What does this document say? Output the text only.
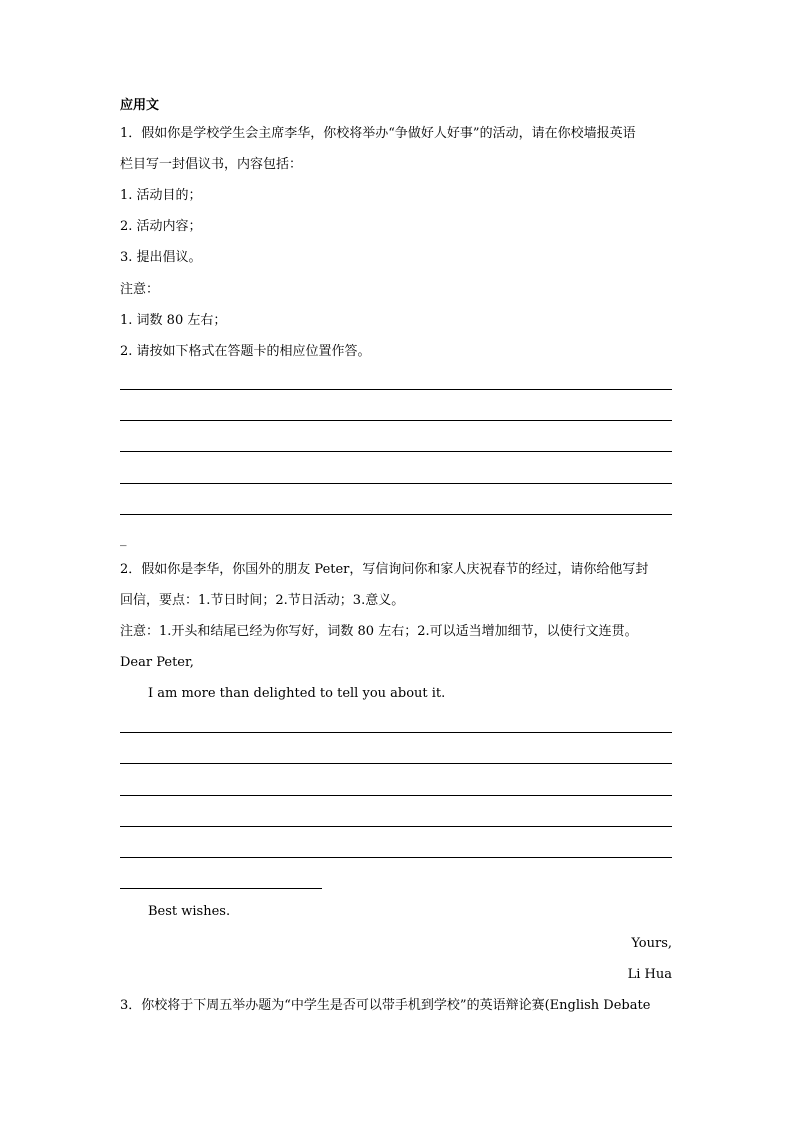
应用文
1．假如你是学校学生会主席李华，你校将举办“争做好人好事”的活动，请在你校墙报英语
栏目写一封倡议书，内容包括：
1. 活动目的；
2. 活动内容；
3. 提出倡议。
注意：
1. 词数 80 左右；
2. 请按如下格式在答题卡的相应位置作答。
_
2．假如你是李华，你国外的朋友 Peter，写信询问你和家人庆祝春节的经过，请你给他写封
回信，要点：1.节日时间；2.节日活动；3.意义。
注意：1.开头和结尾已经为你写好，词数 80 左右；2.可以适当增加细节，以使行文连贯。
Dear Peter,
I am more than delighted to tell you about it.
Best wishes.
Yours,
Li Hua
3．你校将于下周五举办题为“中学生是否可以带手机到学校”的英语辩论赛(English Debate
